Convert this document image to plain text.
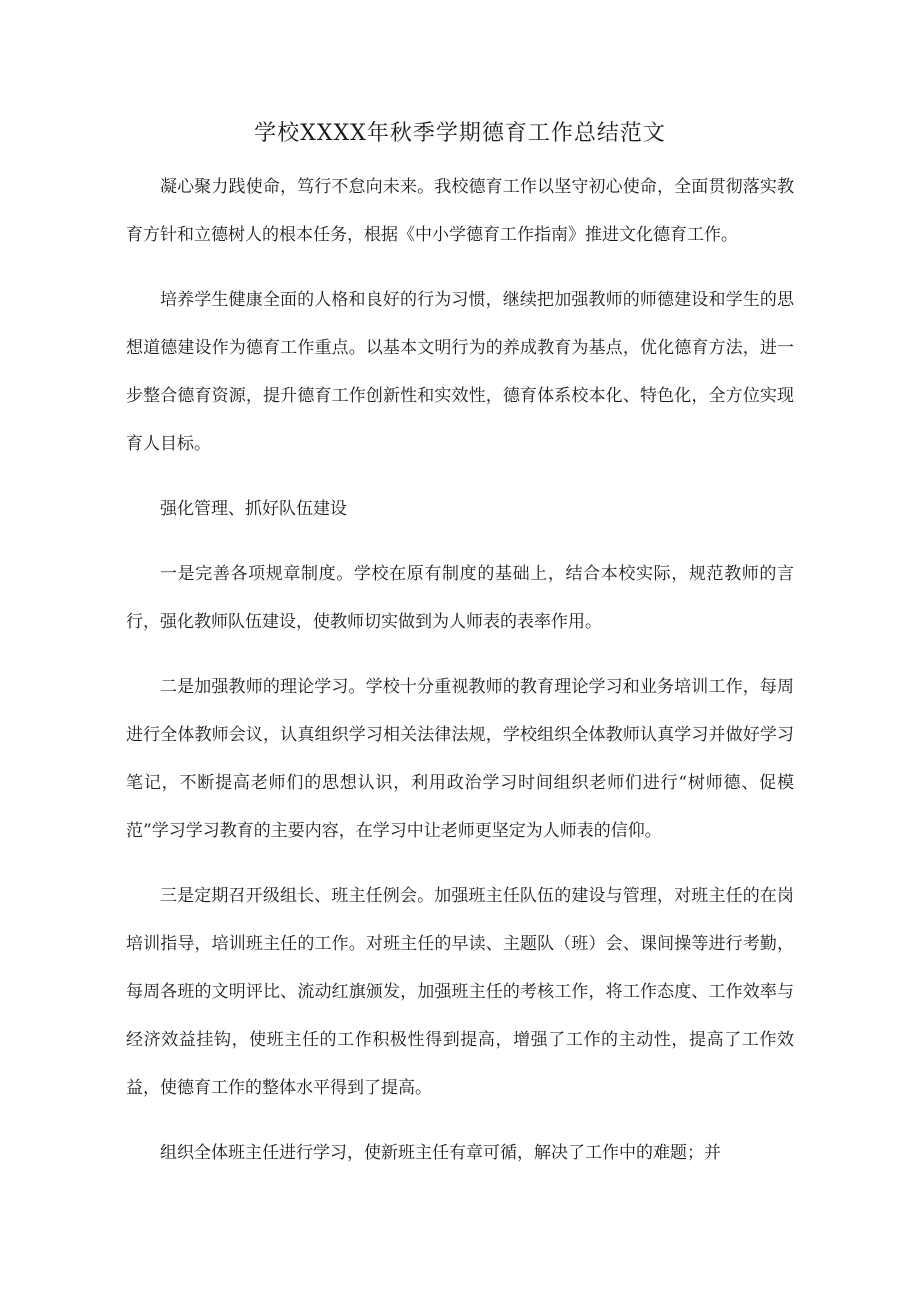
学校XXXX年秋季学期德育工作总结范文

凝心聚力践使命，笃行不怠向未来。我校德育工作以坚守初心使命，全面贯彻落实教育方针和立德树人的根本任务，根据《中小学德育工作指南》推进文化德育工作。

培养学生健康全面的人格和良好的行为习惯，继续把加强教师的师德建设和学生的思想道德建设作为德育工作重点。以基本文明行为的养成教育为基点，优化德育方法，进一步整合德育资源，提升德育工作创新性和实效性，德育体系校本化、特色化，全方位实现育人目标。

强化管理、抓好队伍建设

一是完善各项规章制度。学校在原有制度的基础上，结合本校实际，规范教师的言行，强化教师队伍建设，使教师切实做到为人师表的表率作用。

二是加强教师的理论学习。学校十分重视教师的教育理论学习和业务培训工作，每周进行全体教师会议，认真组织学习相关法律法规，学校组织全体教师认真学习并做好学习笔记，不断提高老师们的思想认识，利用政治学习时间组织老师们进行“树师德、促模范”学习学习教育的主要内容，在学习中让老师更坚定为人师表的信仰。

三是定期召开级组长、班主任例会。加强班主任队伍的建设与管理，对班主任的在岗培训指导，培训班主任的工作。对班主任的早读、主题队（班）会、课间操等进行考勤，每周各班的文明评比、流动红旗颁发，加强班主任的考核工作，将工作态度、工作效率与经济效益挂钩，使班主任的工作积极性得到提高，增强了工作的主动性，提高了工作效益，使德育工作的整体水平得到了提高。

组织全体班主任进行学习，使新班主任有章可循，解决了工作中的难题；并
